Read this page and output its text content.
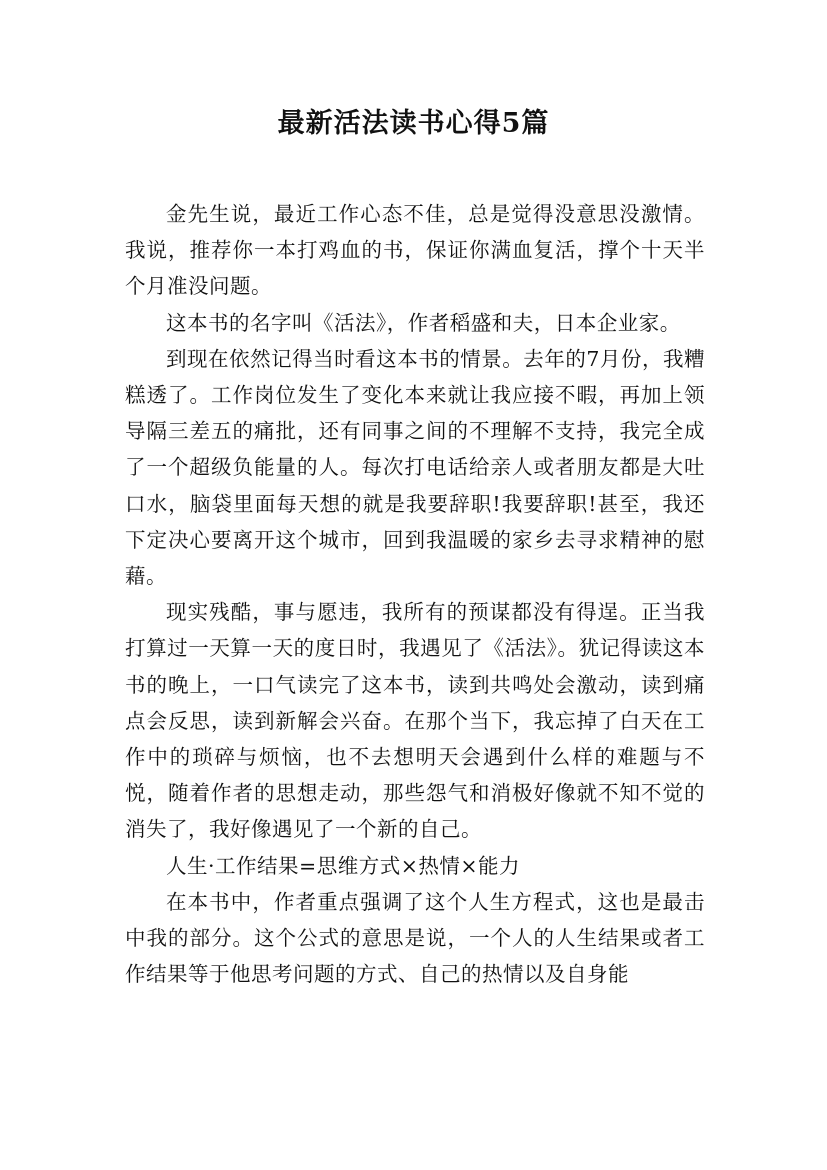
最新活法读书心得5篇

金先生说，最近工作心态不佳，总是觉得没意思没激情。我说，推荐你一本打鸡血的书，保证你满血复活，撑个十天半个月准没问题。

这本书的名字叫《活法》，作者稻盛和夫，日本企业家。

到现在依然记得当时看这本书的情景。去年的7月份，我糟糕透了。工作岗位发生了变化本来就让我应接不暇，再加上领导隔三差五的痛批，还有同事之间的不理解不支持，我完全成了一个超级负能量的人。每次打电话给亲人或者朋友都是大吐口水，脑袋里面每天想的就是我要辞职!我要辞职!甚至，我还下定决心要离开这个城市，回到我温暖的家乡去寻求精神的慰藉。

现实残酷，事与愿违，我所有的预谋都没有得逞。正当我打算过一天算一天的度日时，我遇见了《活法》。犹记得读这本书的晚上，一口气读完了这本书，读到共鸣处会激动，读到痛点会反思，读到新解会兴奋。在那个当下，我忘掉了白天在工作中的琐碎与烦恼，也不去想明天会遇到什么样的难题与不悦，随着作者的思想走动，那些怨气和消极好像就不知不觉的消失了，我好像遇见了一个新的自己。

人生·工作结果=思维方式×热情×能力

在本书中，作者重点强调了这个人生方程式，这也是最击中我的部分。这个公式的意思是说，一个人的人生结果或者工作结果等于他思考问题的方式、自己的热情以及自身能
